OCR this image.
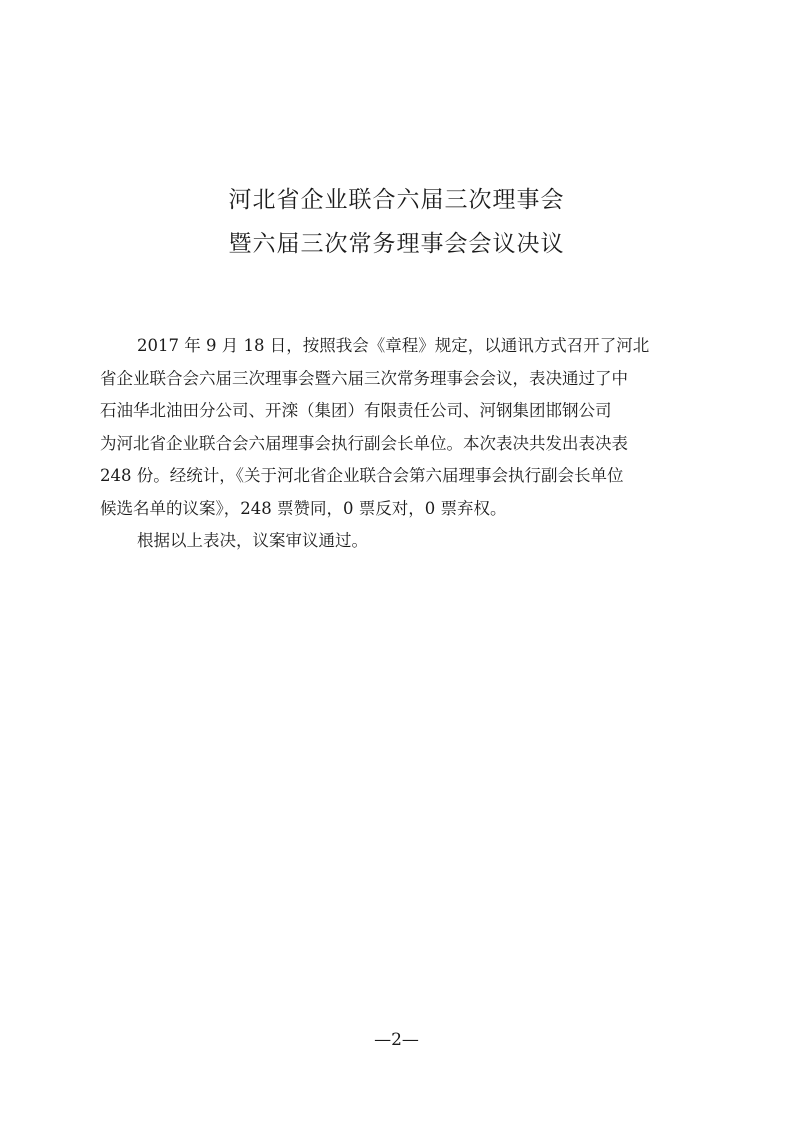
河北省企业联合六届三次理事会
暨六届三次常务理事会会议决议
2017 年 9 月 18 日，按照我会《章程》规定，以通讯方式召开了河北
省企业联合会六届三次理事会暨六届三次常务理事会会议，表决通过了中
石油华北油田分公司、开滦（集团）有限责任公司、河钢集团邯钢公司
为河北省企业联合会六届理事会执行副会长单位。本次表决共发出表决表
248 份。经统计，《关于河北省企业联合会第六届理事会执行副会长单位
候选名单的议案》，248 票赞同，0 票反对，0 票弃权。
根据以上表决，议案审议通过。
—2—
